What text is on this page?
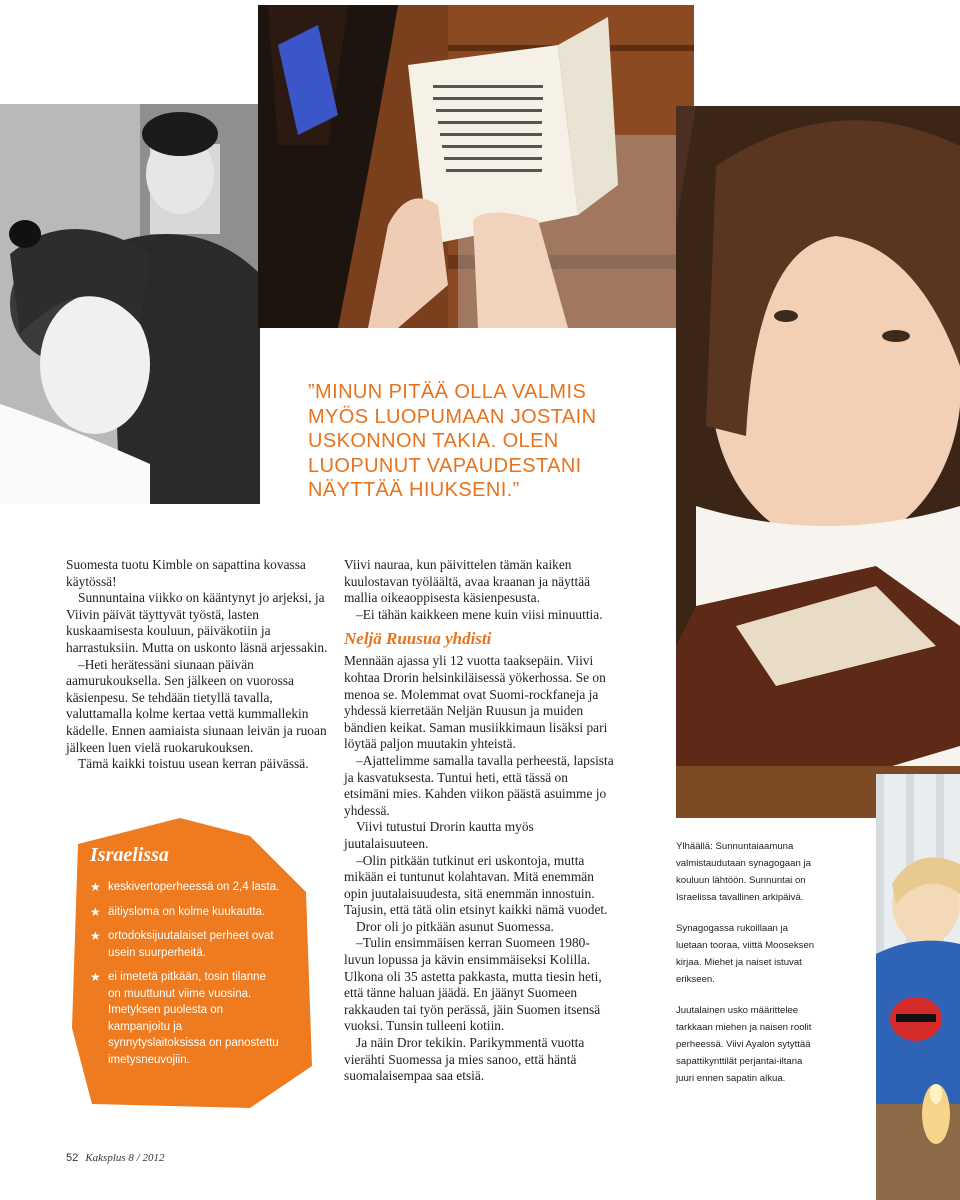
”MINUN PITÄÄ OLLA VALMIS
MYÖS LUOPUMAAN JOSTAIN
USKONNON TAKIA. OLEN
LUOPUNUT VAPAUDESTANI
NÄYTTÄÄ HIUKSENI.”

Suomesta tuotu Kimble on sapattina kovassa käytössä!

Sunnuntaina viikko on kääntynyt jo arjeksi, ja Viivin päivät täyttyvät työstä, lasten kuskaamisesta kouluun, päiväkotiin ja harrastuksiin. Mutta on uskonto läsnä arjessakin.

–Heti herätessäni siunaan päivän aamurukouksella. Sen jälkeen on vuorossa käsienpesu. Se tehdään tietyllä tavalla, valuttamalla kolme kertaa vettä kummallekin kädelle. Ennen aamiaista siunaan leivän ja ruoan jälkeen luen vielä ruokarukouksen.

Tämä kaikki toistuu usean kerran päivässä.

Viivi nauraa, kun päivittelen tämän kaiken kuulostavan työläältä, avaa kraanan ja näyttää mallia oikeaoppisesta käsienpesusta.

–Ei tähän kaikkeen mene kuin viisi minuuttia.

Neljä Ruusua yhdisti

Mennään ajassa yli 12 vuotta taaksepäin. Viivi kohtaa Drorin helsinkiläisessä yökerhossa. Se on menoa se. Molemmat ovat Suomi-rockfaneja ja yhdessä kierretään Neljän Ruusun ja muiden bändien keikat. Saman musiikkimaun lisäksi pari löytää paljon muutakin yhteistä.

–Ajattelimme samalla tavalla perheestä, lapsista ja kasvatuksesta. Tuntui heti, että tässä on etsimäni mies. Kahden viikon päästä asuimme jo yhdessä.

Viivi tutustui Drorin kautta myös juutalaisuuteen.

–Olin pitkään tutkinut eri uskontoja, mutta mikään ei tuntunut kolahtavan. Mitä enemmän opin juutalaisuudesta, sitä enemmän innostuin. Tajusin, että tätä olin etsinyt kaikki nämä vuodet.

Dror oli jo pitkään asunut Suomessa.

–Tulin ensimmäisen kerran Suomeen 1980-luvun lopussa ja kävin ensimmäiseksi Kolilla. Ulkona oli 35 astetta pakkasta, mutta tiesin heti, että tänne haluan jäädä. En jäänyt Suomeen rakkauden tai työn perässä, jäin Suomen itsensä vuoksi. Tunsin tulleeni kotiin.

Ja näin Dror tekikin. Parikymmentä vuotta vierähti Suomessa ja mies sanoo, että häntä suomalaisempaa saa etsiä.

Israelissa

★ keskivertoperheessä on 2,4 lasta.
★ äitiysloma on kolme kuukautta.
★ ortodoksijuutalaiset perheet ovat usein suurperheitä.
★ ei imetetä pitkään, tosin tilanne on muuttunut viime vuosina. Imetyksen puolesta on kampanjoitu ja synnytyslaitoksissa on panostettu imetysneuvojiin.

Ylhäällä: Sunnuntaiaamuna valmistaudutaan synagogaan ja kouluun lähtöön. Sunnuntai on Israelissa tavallinen arkipäivä.

Synagogassa rukoillaan ja luetaan tooraa, viittä Mooseksen kirjaa. Miehet ja naiset istuvat erikseen.

Juutalainen usko määrittelee tarkkaan miehen ja naisen roolit perheessä. Viivi Ayalon sytyttää sapattikynttilät perjantai-iltana juuri ennen sapatin alkua.

52 Kaksplus 8 / 2012
